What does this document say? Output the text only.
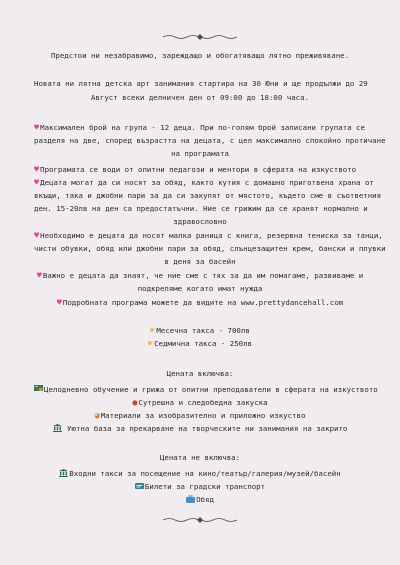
Предстои ни незабравимо, зареждащо и обогатяващо лятно преживяване.
Новата ни лятна детска арт занимания стартира на 30 Юни и ще продължи до 29
Август всеки делничен ден от 09:00 до 18:00 часа.
♥Максимален брой на група - 12 деца. При по-голям брой записани групата се
разделя на две, според възрастта на децата, с цел максимално спокойно протичане
на програмата
♥Програмата се води от опитни педагози и ментори в сферата на изкуството
♥Децата могат да си носят за обяд, както кутия с домашно приготвена храна от
вкъщи, така и джобни пари за да си закупят от мястото, където сме в съответния
ден. 15-20лв на ден са предостатъчни. Ние се грижим да се хранят нормално и
здравословно
♥Необходимо е децата да носят малка раница с книга, резервна тениска за танци,
чисти обувки, обяд или джобни пари за обяд, слънцезащитен крем, бански и плувки
в деня за басейн
♥Важно е децата да знаят, че ние сме с тях за да им помагаме, развиваме и
подкрепяме когато имат нужда
♥Подробната програма можете да видите на www.prettydancehall.com
☛Месечна такса - 700лв
☛Седмична такса - 250лв
Цената включва:
Целодневно обучение и грижа от опитни преподаватели в сферата на изкуството
●Сутрешна и следобедна закуска
◕Материали за изобразително и приложно изкуство
Уютна база за прекарване на творческите ни занимания на закрито
Цената не включва:
Входни такси за посещение на кино/театър/галерия/музей/басейн
Билети за градски транспорт
Обяд
